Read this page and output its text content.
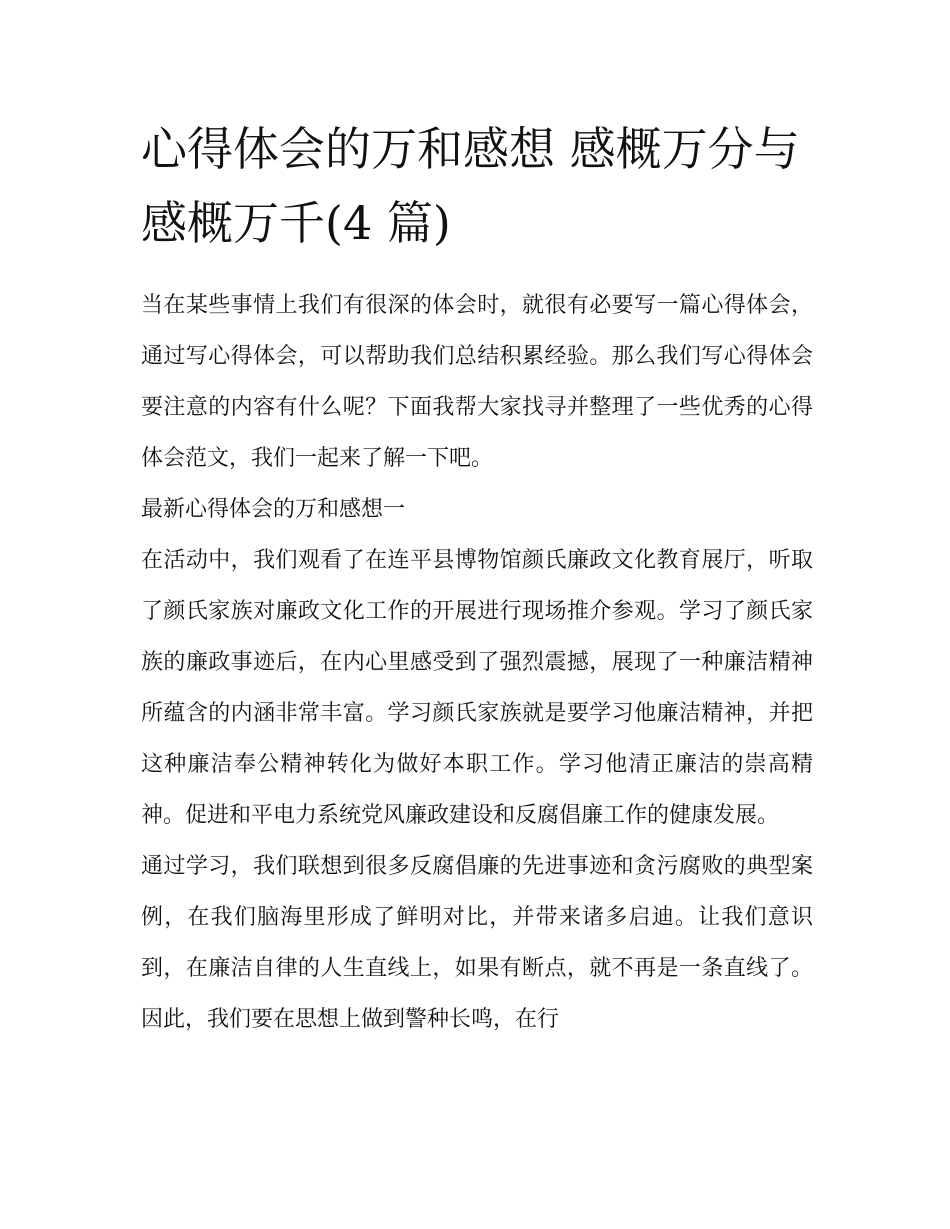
心得体会的万和感想 感概万分与感概万千(4 篇)

当在某些事情上我们有很深的体会时，就很有必要写一篇心得体会，通过写心得体会，可以帮助我们总结积累经验。那么我们写心得体会要注意的内容有什么呢？下面我帮大家找寻并整理了一些优秀的心得体会范文，我们一起来了解一下吧。

最新心得体会的万和感想一

在活动中，我们观看了在连平县博物馆颜氏廉政文化教育展厅，听取了颜氏家族对廉政文化工作的开展进行现场推介参观。学习了颜氏家族的廉政事迹后，在内心里感受到了强烈震撼，展现了一种廉洁精神所蕴含的内涵非常丰富。学习颜氏家族就是要学习他廉洁精神，并把这种廉洁奉公精神转化为做好本职工作。学习他清正廉洁的崇高精神。促进和平电力系统党风廉政建设和反腐倡廉工作的健康发展。

通过学习，我们联想到很多反腐倡廉的先进事迹和贪污腐败的典型案例，在我们脑海里形成了鲜明对比，并带来诸多启迪。让我们意识到，在廉洁自律的人生直线上，如果有断点，就不再是一条直线了。因此，我们要在思想上做到警种长鸣，在行
